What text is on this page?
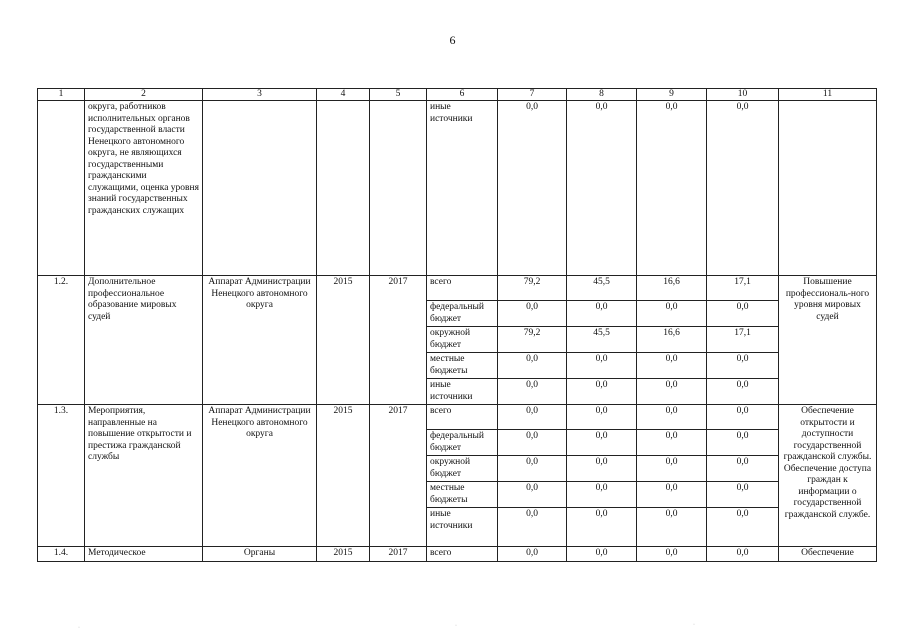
6
1	2	3	4	5	6	7	8	9	10	11
	округа, работников исполнительных органов государственной власти Ненецкого автономного округа, не являющихся государственными гражданскими служащими, оценка уровня знаний государственных гражданских служащих				иные источники	0,0	0,0	0,0	0,0	
1.2.	Дополнительное профессиональное образование мировых судей	Аппарат Администрации Ненецкого автономного округа	2015	2017	всего	79,2	45,5	16,6	17,1	Повышение профессиональ-ного уровня мировых судей
					федеральный бюджет	0,0	0,0	0,0	0,0	
					окружной бюджет	79,2	45,5	16,6	17,1	
					местные бюджеты	0,0	0,0	0,0	0,0	
					иные источники	0,0	0,0	0,0	0,0	
1.3.	Мероприятия, направленные на повышение открытости и престижа гражданской службы	Аппарат Администрации Ненецкого автономного округа	2015	2017	всего	0,0	0,0	0,0	0,0	Обеспечение открытости и доступности государственной гражданской службы. Обеспечение доступа граждан к информации о государственной гражданской службе.
					федеральный бюджет	0,0	0,0	0,0	0,0	
					окружной бюджет	0,0	0,0	0,0	0,0	
					местные бюджеты	0,0	0,0	0,0	0,0	
					иные источники	0,0	0,0	0,0	0,0	
1.4.	Методическое	Органы	2015	2017	всего	0,0	0,0	0,0	0,0	Обеспечение
·	·	·
